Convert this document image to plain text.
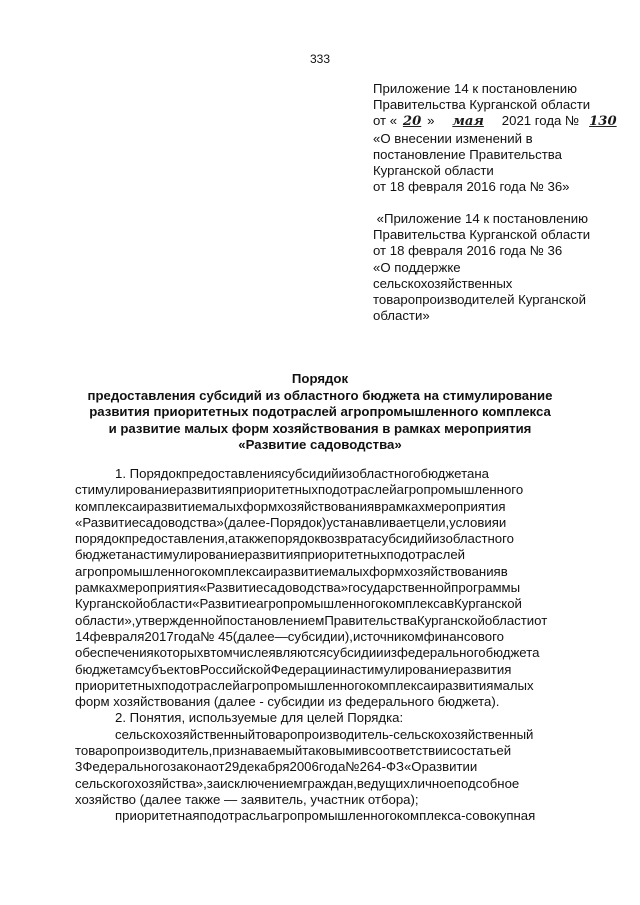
333
Приложение 14 к постановлению
Правительства Курганской области
от « 20 » мая 2021 года № 130
«О внесении изменений в
постановление Правительства
Курганской области
от 18 февраля 2016 года № 36»
«Приложение 14 к постановлению
Правительства Курганской области
от 18 февраля 2016 года № 36
«О поддержке
сельскохозяйственных
товаропроизводителей Курганской
области»
Порядок
предоставления субсидий из областного бюджета на стимулирование
развития приоритетных подотраслей агропромышленного комплекса
и развитие малых форм хозяйствования в рамках мероприятия
«Развитие садоводства»
1. Порядокпредоставлениясубсидийизобластногобюджетана
стимулированиеразвитияприоритетныхподотраслейагропромышленного
комплексаиразвитиемалыхформхозяйствованияврамкахмероприятия
«Развитиесадоводства»(далее-Порядок)устанавливаетцели,условияи
порядокпредоставления,атакжепорядоквозвратасубсидийизобластного
бюджетанастимулированиеразвитияприоритетныхподотраслей
агропромышленногокомплексаиразвитиемалыхформхозяйствованияв
рамкахмероприятия«Развитиесадоводства»государственнойпрограммы
Курганскойобласти«РазвитиеагропромышленногокомплексавКурганской
области»,утвержденнойпостановлениемПравительстваКурганскойобластиот
14февраля2017года№ 45(далее—субсидии),источникомфинансового
обеспечениякоторыхвтомчислеявляютсясубсидииизфедеральногобюджета
бюджетамсубъектовРоссийскойФедерациинастимулированиеразвития
приоритетныхподотраслейагропромышленногокомплексаиразвитиямалых
форм хозяйствования (далее - субсидии из федерального бюджета).
2. Понятия, используемые для целей Порядка:
сельскохозяйственныйтоваропроизводитель-сельскохозяйственный
товаропроизводитель,признаваемыйтаковымивсоответствиисостатьей
3Федеральногозаконаот29декабря2006года№264-ФЗ«Оразвитии
сельскогохозяйства»,заисключениемграждан,ведущихличноеподсобное
хозяйство (далее также — заявитель, участник отбора);
приоритетнаяподотрасльагропромышленногокомплекса-совокупная
